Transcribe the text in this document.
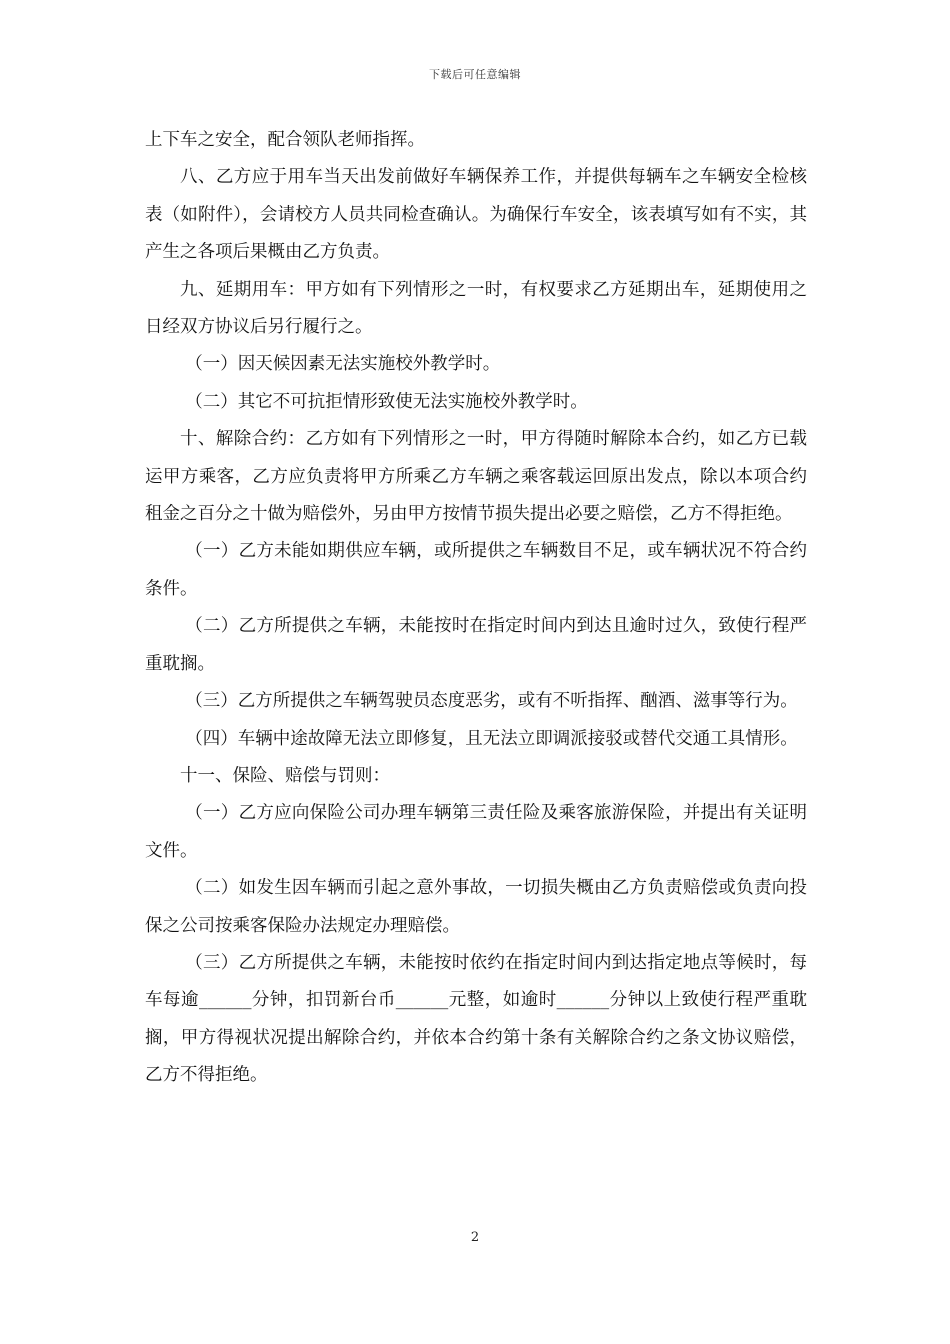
下载后可任意编辑

上下车之安全，配合领队老师指挥。

八、乙方应于用车当天出发前做好车辆保养工作，并提供每辆车之车辆安全检核表（如附件），会请校方人员共同检查确认。为确保行车安全，该表填写如有不实，其产生之各项后果概由乙方负责。

九、延期用车：甲方如有下列情形之一时，有权要求乙方延期出车，延期使用之日经双方协议后另行履行之。

（一）因天候因素无法实施校外教学时。

（二）其它不可抗拒情形致使无法实施校外教学时。

十、解除合约：乙方如有下列情形之一时，甲方得随时解除本合约，如乙方已载运甲方乘客，乙方应负责将甲方所乘乙方车辆之乘客载运回原出发点，除以本项合约租金之百分之十做为赔偿外，另由甲方按情节损失提出必要之赔偿，乙方不得拒绝。

（一）乙方未能如期供应车辆，或所提供之车辆数目不足，或车辆状况不符合约条件。

（二）乙方所提供之车辆，未能按时在指定时间内到达且逾时过久，致使行程严重耽搁。

（三）乙方所提供之车辆驾驶员态度恶劣，或有不听指挥、酗酒、滋事等行为。

（四）车辆中途故障无法立即修复，且无法立即调派接驳或替代交通工具情形。

十一、保险、赔偿与罚则：

（一）乙方应向保险公司办理车辆第三责任险及乘客旅游保险，并提出有关证明文件。

（二）如发生因车辆而引起之意外事故，一切损失概由乙方负责赔偿或负责向投保之公司按乘客保险办法规定办理赔偿。

（三）乙方所提供之车辆，未能按时依约在指定时间内到达指定地点等候时，每车每逾______分钟，扣罚新台币______元整，如逾时______分钟以上致使行程严重耽搁，甲方得视状况提出解除合约，并依本合约第十条有关解除合约之条文协议赔偿，乙方不得拒绝。

2
